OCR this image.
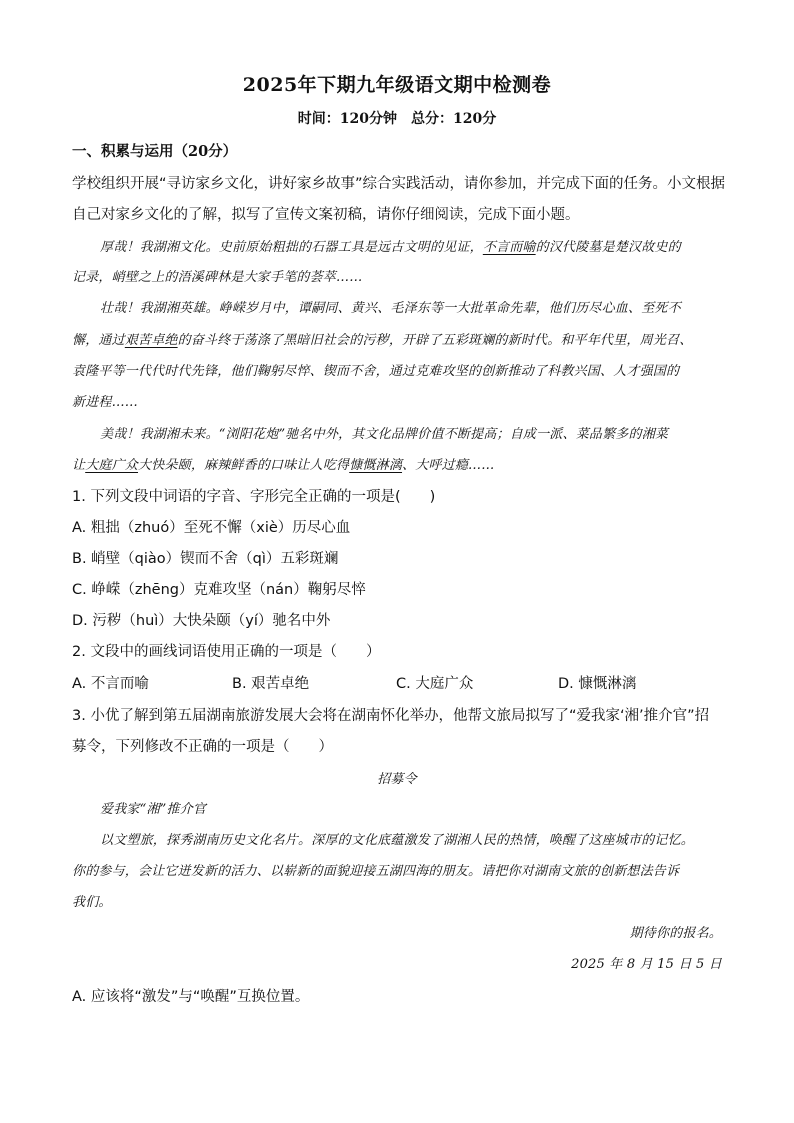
2025年下期九年级语文期中检测卷
时间：120分钟　总分：120分
一、积累与运用（20分）
学校组织开展“寻访家乡文化，讲好家乡故事”综合实践活动，请你参加，并完成下面的任务。小文根据
自己对家乡文化的了解，拟写了宣传文案初稿，请你仔细阅读，完成下面小题。
厚哉！我湖湘文化。史前原始粗拙的石器工具是远古文明的见证，不言而喻的汉代陵墓是楚汉故史的
记录，峭壁之上的浯溪碑林是大家手笔的荟萃……
壮哉！我湖湘英雄。峥嵘岁月中，谭嗣同、黄兴、毛泽东等一大批革命先辈，他们历尽心血、至死不
懈，通过艰苦卓绝的奋斗终于荡涤了黑暗旧社会的污秽，开辟了五彩斑斓的新时代。和平年代里，周光召、
袁隆平等一代代时代先锋，他们鞠躬尽悴、锲而不舍，通过克难攻坚的创新推动了科教兴国、人才强国的
新进程……
美哉！我湖湘未来。“浏阳花炮”驰名中外，其文化品牌价值不断提高；自成一派、菜品繁多的湘菜
让大庭广众大快朵颐，麻辣鲜香的口味让人吃得慷慨淋漓、大呼过瘾……
1. 下列文段中词语的字音、字形完全正确的一项是(　　)
A. 粗拙（zhuó）至死不懈（xiè）历尽心血
B. 峭壁（qiào）锲而不舍（qì）五彩斑斓
C. 峥嵘（zhēng）克难攻坚（nán）鞠躬尽悴
D. 污秽（huì）大快朵颐（yí）驰名中外
2. 文段中的画线词语使用正确的一项是（　　）
A. 不言而喻	B. 艰苦卓绝	C. 大庭广众	D. 慷慨淋漓
3. 小优了解到第五届湖南旅游发展大会将在湖南怀化举办，他帮文旅局拟写了“爱我家‘湘’推介官”招
募令，下列修改不正确的一项是（　　）
招募令
爱我家“湘”推介官
以文塑旅，探秀湖南历史文化名片。深厚的文化底蕴激发了湖湘人民的热情，唤醒了这座城市的记忆。
你的参与，会让它迸发新的活力、以崭新的面貌迎接五湖四海的朋友。请把你对湖南文旅的创新想法告诉
我们。
期待你的报名。
2025 年 8 月 15 日 5 日
A. 应该将“激发”与“唤醒”互换位置。
